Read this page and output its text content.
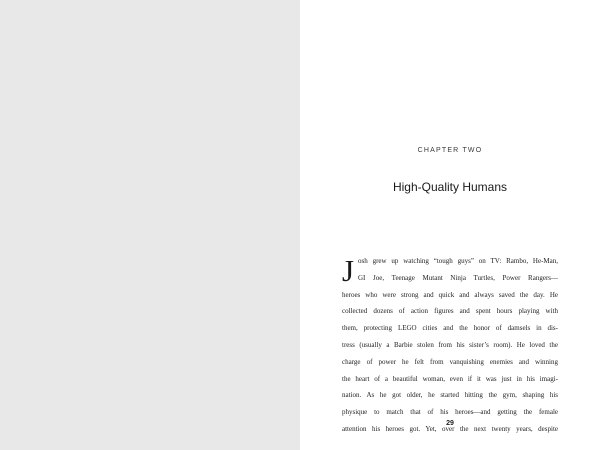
CHAPTER TWO
High-Quality Humans
J osh grew up watching “tough guys” on TV: Rambo, He-Man,
GI Joe, Teenage Mutant Ninja Turtles, Power Rangers—
heroes who were strong and quick and always saved the day. He
collected dozens of action figures and spent hours playing with
them, protecting LEGO cities and the honor of damsels in dis-
tress (usually a Barbie stolen from his sister’s room). He loved the
charge of power he felt from vanquishing enemies and winning
the heart of a beautiful woman, even if it was just in his imagi-
nation. As he got older, he started hitting the gym, shaping his
physique to match that of his heroes—and getting the female
attention his heroes got. Yet, over the next twenty years, despite
29
